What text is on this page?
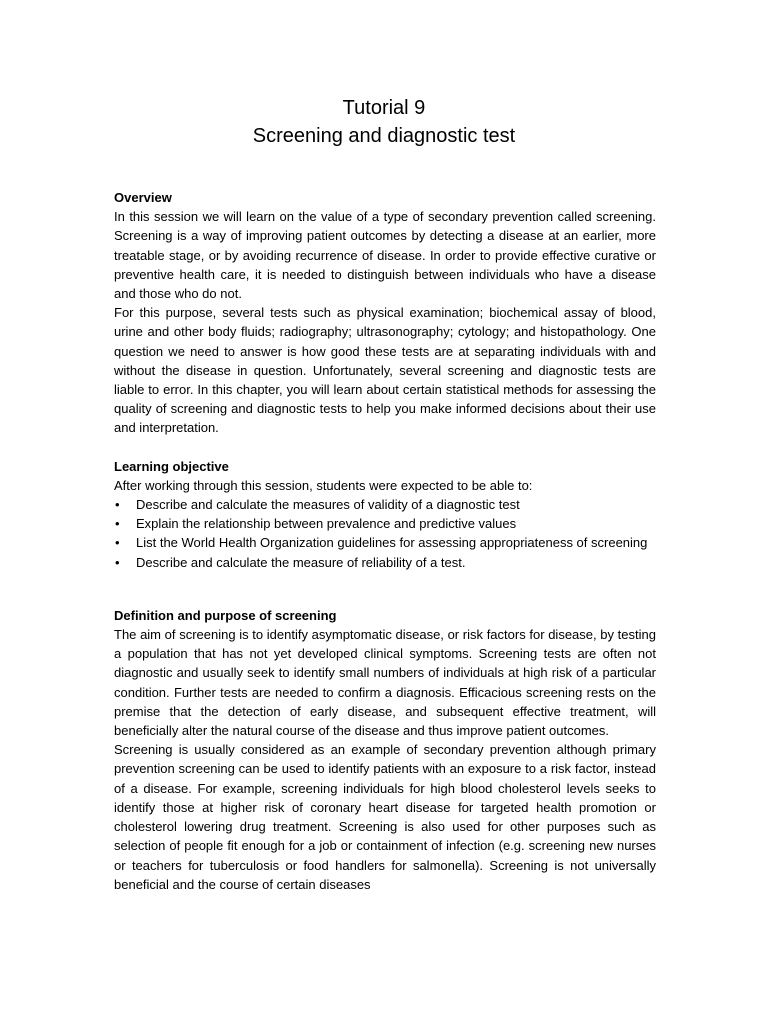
Tutorial 9
Screening and diagnostic test

Overview

In this session we will learn on the value of a type of secondary prevention called screening. Screening is a way of improving patient outcomes by detecting a disease at an earlier, more treatable stage, or by avoiding recurrence of disease. In order to provide effective curative or preventive health care, it is needed to distinguish between individuals who have a disease and those who do not.

For this purpose, several tests such as physical examination; biochemical assay of blood, urine and other body fluids; radiography; ultrasonography; cytology; and histopathology. One question we need to answer is how good these tests are at separating individuals with and without the disease in question. Unfortunately, several screening and diagnostic tests are liable to error. In this chapter, you will learn about certain statistical methods for assessing the quality of screening and diagnostic tests to help you make informed decisions about their use and interpretation.

Learning objective

After working through this session, students were expected to be able to:

• Describe and calculate the measures of validity of a diagnostic test
• Explain the relationship between prevalence and predictive values
• List the World Health Organization guidelines for assessing appropriateness of screening
• Describe and calculate the measure of reliability of a test.

Definition and purpose of screening

The aim of screening is to identify asymptomatic disease, or risk factors for disease, by testing a population that has not yet developed clinical symptoms. Screening tests are often not diagnostic and usually seek to identify small numbers of individuals at high risk of a particular condition. Further tests are needed to confirm a diagnosis. Efficacious screening rests on the premise that the detection of early disease, and subsequent effective treatment, will beneficially alter the natural course of the disease and thus improve patient outcomes.

Screening is usually considered as an example of secondary prevention although primary prevention screening can be used to identify patients with an exposure to a risk factor, instead of a disease. For example, screening individuals for high blood cholesterol levels seeks to identify those at higher risk of coronary heart disease for targeted health promotion or cholesterol lowering drug treatment. Screening is also used for other purposes such as selection of people fit enough for a job or containment of infection (e.g. screening new nurses or teachers for tuberculosis or food handlers for salmonella). Screening is not universally beneficial and the course of certain diseases
